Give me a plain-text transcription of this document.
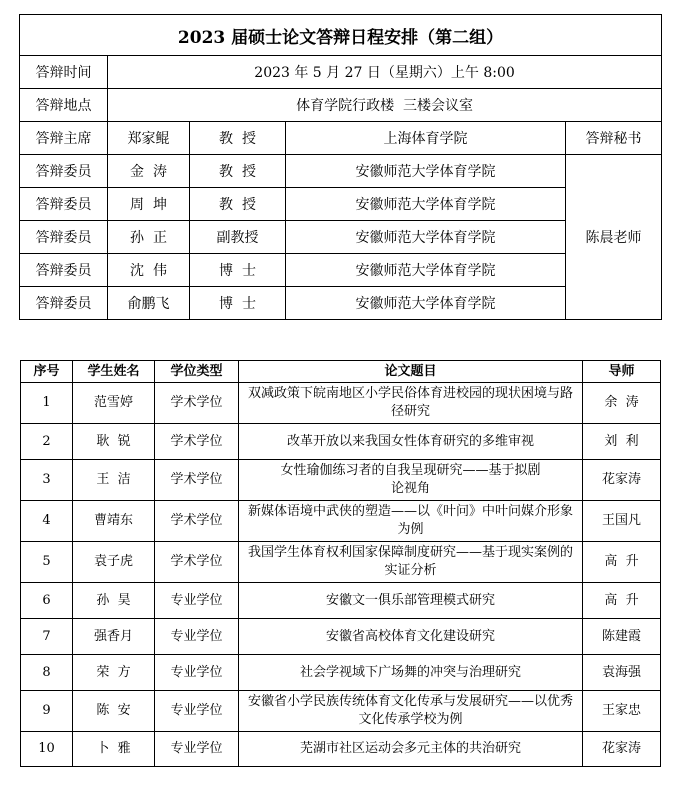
2023 届硕士论文答辩日程安排（第二组）				
答辩时间	2023 年 5 月 27 日（星期六）上午 8:00			
答辩地点	体育学院行政楼  三楼会议室			
答辩主席	郑家鲲	教  授	上海体育学院	答辩秘书
答辩委员	金  涛	教  授	安徽师范大学体育学院	陈晨老师
答辩委员	周  坤	教  授	安徽师范大学体育学院	
答辩委员	孙  正	副教授	安徽师范大学体育学院	
答辩委员	沈  伟	博  士	安徽师范大学体育学院	
答辩委员	俞鹏飞	博  士	安徽师范大学体育学院	
序号	学生姓名	学位类型	论文题目	导师
1	范雪婷	学术学位	双减政策下皖南地区小学民俗体育进校园的现状困境与路径研究	余  涛
2	耿  锐	学术学位	改革开放以来我国女性体育研究的多维审视	刘  利
3	王  洁	学术学位	女性瑜伽练习者的自我呈现研究——基于拟剧论视角	花家涛
4	曹靖东	学术学位	新媒体语境中武侠的塑造——以《叶问》中叶问媒介形象为例	王国凡
5	袁子虎	学术学位	我国学生体育权利国家保障制度研究——基于现实案例的实证分析	高  升
6	孙  昊	专业学位	安徽文一俱乐部管理模式研究	高  升
7	强香月	专业学位	安徽省高校体育文化建设研究	陈建霞
8	荣  方	专业学位	社会学视域下广场舞的冲突与治理研究	袁海强
9	陈  安	专业学位	安徽省小学民族传统体育文化传承与发展研究——以优秀文化传承学校为例	王家忠
10	卜  雅	专业学位	芜湖市社区运动会多元主体的共治研究	花家涛
